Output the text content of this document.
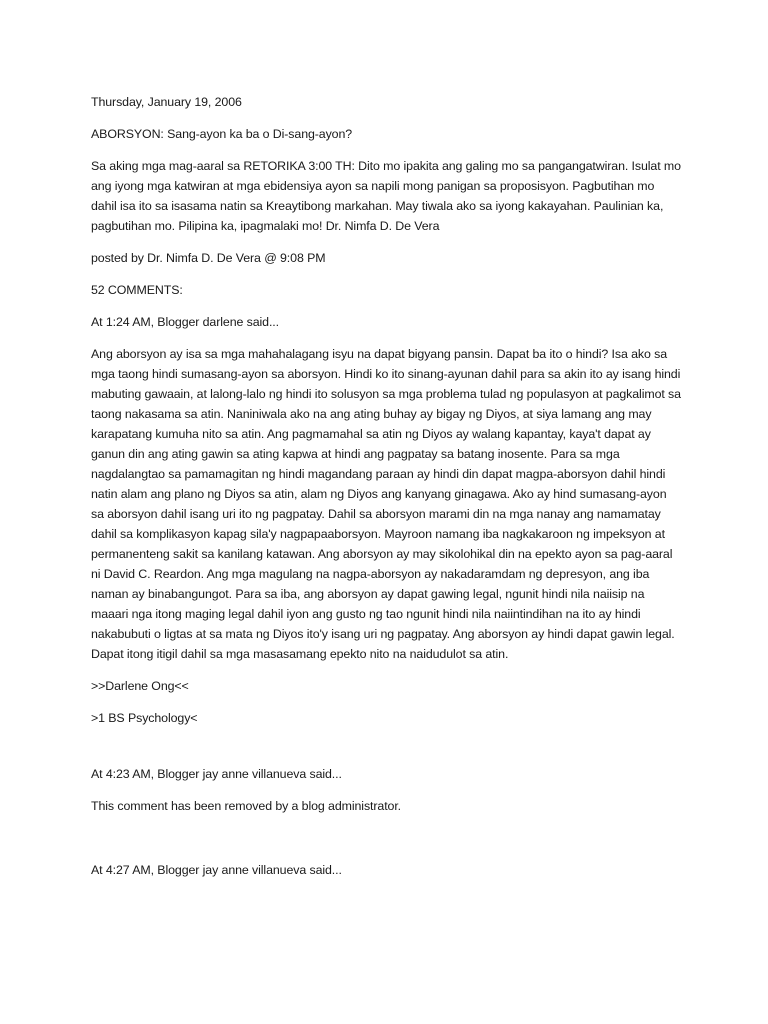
Thursday, January 19, 2006

ABORSYON: Sang-ayon ka ba o Di-sang-ayon?

Sa aking mga mag-aaral sa RETORIKA 3:00 TH: Dito mo ipakita ang galing mo sa pangangatwiran. Isulat mo ang iyong mga katwiran at mga ebidensiya ayon sa napili mong panigan sa proposisyon. Pagbutihan mo dahil isa ito sa isasama natin sa Kreaytibong markahan. May tiwala ako sa iyong kakayahan. Paulinian ka, pagbutihan mo. Pilipina ka, ipagmalaki mo! Dr. Nimfa D. De Vera

posted by Dr. Nimfa D. De Vera @ 9:08 PM

52 COMMENTS:

At 1:24 AM, Blogger darlene said...

Ang aborsyon ay isa sa mga mahahalagang isyu na dapat bigyang pansin. Dapat ba ito o hindi? Isa ako sa mga taong hindi sumasang-ayon sa aborsyon. Hindi ko ito sinang-ayunan dahil para sa akin ito ay isang hindi mabuting gawaain, at lalong-lalo ng hindi ito solusyon sa mga problema tulad ng populasyon at pagkalimot sa taong nakasama sa atin. Naniniwala ako na ang ating buhay ay bigay ng Diyos, at siya lamang ang may karapatang kumuha nito sa atin. Ang pagmamahal sa atin ng Diyos ay walang kapantay, kaya't dapat ay ganun din ang ating gawin sa ating kapwa at hindi ang pagpatay sa batang inosente. Para sa mga nagdalangtao sa pamamagitan ng hindi magandang paraan ay hindi din dapat magpa-aborsyon dahil hindi natin alam ang plano ng Diyos sa atin, alam ng Diyos ang kanyang ginagawa. Ako ay hind sumasang-ayon sa aborsyon dahil isang uri ito ng pagpatay. Dahil sa aborsyon marami din na mga nanay ang namamatay dahil sa komplikasyon kapag sila'y nagpapaaborsyon. Mayroon namang iba nagkakaroon ng impeksyon at permanenteng sakit sa kanilang katawan. Ang aborsyon ay may sikolohikal din na epekto ayon sa pag-aaral ni David C. Reardon. Ang mga magulang na nagpa-aborsyon ay nakadaramdam ng depresyon, ang iba naman ay binabangungot. Para sa iba, ang aborsyon ay dapat gawing legal, ngunit hindi nila naiisip na maaari nga itong maging legal dahil iyon ang gusto ng tao ngunit hindi nila naiintindihan na ito ay hindi nakabubuti o ligtas at sa mata ng Diyos ito'y isang uri ng pagpatay. Ang aborsyon ay hindi dapat gawin legal. Dapat itong itigil dahil sa mga masasamang epekto nito na naidudulot sa atin.

>>Darlene Ong<<

>1 BS Psychology<

At 4:23 AM, Blogger jay anne villanueva said...

This comment has been removed by a blog administrator.

At 4:27 AM, Blogger jay anne villanueva said...
